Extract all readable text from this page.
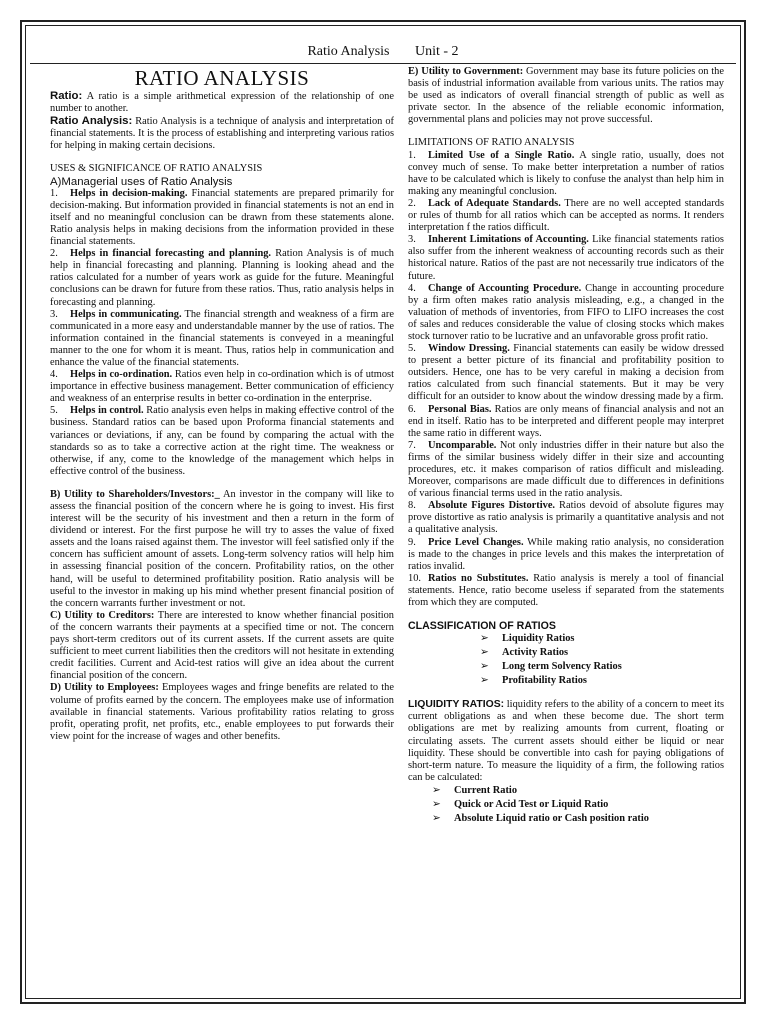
Ratio Analysis Unit - 2

RATIO ANALYSIS

Ratio: A ratio is a simple arithmetical expression of the relationship of one number to another.

Ratio Analysis: Ratio Analysis is a technique of analysis and interpretation of financial statements. It is the process of establishing and interpreting various ratios for helping in making certain decisions.

USES & SIGNIFICANCE OF RATIO ANALYSIS

A)Managerial uses of Ratio Analysis

1. Helps in decision-making. Financial statements are prepared primarily for decision-making. But information provided in financial statements is not an end in itself and no meaningful conclusion can be drawn from these statements alone. Ratio analysis helps in making decisions from the information provided in these financial statements.
2. Helps in financial forecasting and planning. Ration Analysis is of much help in financial forecasting and planning. Planning is looking ahead and the ratios calculated for a number of years work as guide for the future. Meaningful conclusions can be drawn for future from these ratios. Thus, ratio analysis helps in forecasting and planning.
3. Helps in communicating. The financial strength and weakness of a firm are communicated in a more easy and understandable manner by the use of ratios. The information contained in the financial statements is conveyed in a meaningful manner to the one for whom it is meant. Thus, ratios help in communication and enhance the value of the financial statements.
4. Helps in co-ordination. Ratios even help in co-ordination which is of utmost importance in effective business management. Better communication of efficiency and weakness of an enterprise results in better co-ordination in the enterprise.
5. Helps in control. Ratio analysis even helps in making effective control of the business. Standard ratios can be based upon Proforma financial statements and variances or deviations, if any, can be found by comparing the actual with the standards so as to take a corrective action at the right time. The weakness or otherwise, if any, come to the knowledge of the management which helps in effective control of the business.

B) Utility to Shareholders/Investors:_ An investor in the company will like to assess the financial position of the concern where he is going to invest. His first interest will be the security of his investment and then a return in the form of dividend or interest. For the first purpose he will try to asses the value of fixed assets and the loans raised against them. The investor will feel satisfied only if the concern has sufficient amount of assets. Long-term solvency ratios will help him in assessing financial position of the concern. Profitability ratios, on the other hand, will be useful to determined profitability position. Ratio analysis will be useful to the investor in making up his mind whether present financial position of the concern warrants further investment or not.

C) Utility to Creditors: There are interested to know whether financial position of the concern warrants their payments at a specified time or not. The concern pays short-term creditors out of its current assets. If the current assets are quite sufficient to meet current liabilities then the creditors will not hesitate in extending credit facilities. Current and Acid-test ratios will give an idea about the current financial position of the concern.

D) Utility to Employees: Employees wages and fringe benefits are related to the volume of profits earned by the concern. The employees make use of information available in financial statements. Various profitability ratios relating to gross profit, operating profit, net profits, etc., enable employees to put forwards their view point for the increase of wages and other benefits.

E) Utility to Government: Government may base its future policies on the basis of industrial information available from various units. The ratios may be used as indicators of overall financial strength of public as well as private sector. In the absence of the reliable economic information, governmental plans and policies may not prove successful.

LIMITATIONS OF RATIO ANALYSIS

1. Limited Use of a Single Ratio. A single ratio, usually, does not convey much of sense. To make better interpretation a number of ratios have to be calculated which is likely to confuse the analyst than help him in making any meaningful conclusion.
2. Lack of Adequate Standards. There are no well accepted standards or rules of thumb for all ratios which can be accepted as norms. It renders interpretation f the ratios difficult.
3. Inherent Limitations of Accounting. Like financial statements ratios also suffer from the inherent weakness of accounting records such as their historical nature. Ratios of the past are not necessarily true indicators of the future.
4. Change of Accounting Procedure. Change in accounting procedure by a firm often makes ratio analysis misleading, e.g., a changed in the valuation of methods of inventories, from FIFO to LIFO increases the cost of sales and reduces considerable the value of closing stocks which makes stock turnover ratio to be lucrative and an unfavorable gross profit ratio.
5. Window Dressing. Financial statements can easily be widow dressed to present a better picture of its financial and profitability position to outsiders. Hence, one has to be very careful in making a decision from ratios calculated from such financial statements. But it may be very difficult for an outsider to know about the window dressing made by a firm.
6. Personal Bias. Ratios are only means of financial analysis and not an end in itself. Ratio has to be interpreted and different people may interpret the same ratio in different ways.
7. Uncomparable. Not only industries differ in their nature but also the firms of the similar business widely differ in their size and accounting procedures, etc. it makes comparison of ratios difficult and misleading. Moreover, comparisons are made difficult due to differences in definitions of various financial terms used in the ratio analysis.
8. Absolute Figures Distortive. Ratios devoid of absolute figures may prove distortive as ratio analysis is primarily a quantitative analysis and not a qualitative analysis.
9. Price Level Changes. While making ratio analysis, no consideration is made to the changes in price levels and this makes the interpretation of ratios invalid.
10. Ratios no Substitutes. Ratio analysis is merely a tool of financial statements. Hence, ratio become useless if separated from the statements from which they are computed.

CLASSIFICATION OF RATIOS

➢ Liquidity Ratios
➢ Activity Ratios
➢ Long term Solvency Ratios
➢ Profitability Ratios

LIQUIDITY RATIOS: liquidity refers to the ability of a concern to meet its current obligations as and when these become due. The short term obligations are met by realizing amounts from current, floating or circulating assets. The current assets should either be liquid or near liquidity. These should be convertible into cash for paying obligations of short-term nature. To measure the liquidity of a firm, the following ratios can be calculated:

➢ Current Ratio
➢ Quick or Acid Test or Liquid Ratio
➢ Absolute Liquid ratio or Cash position ratio
